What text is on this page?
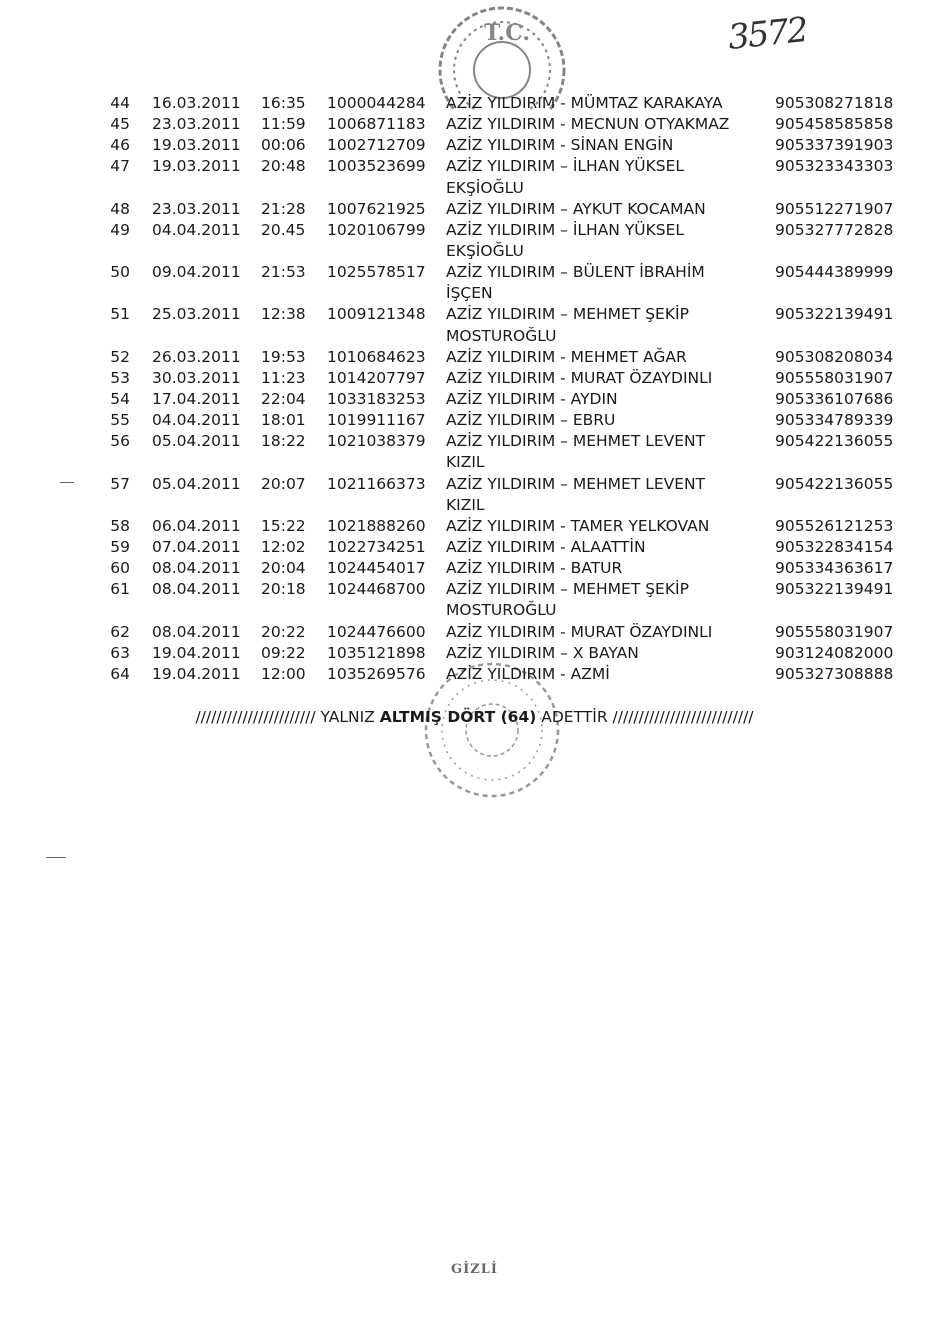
3572
T.C.
44 16.03.2011 16:35 1000044284 AZİZ YILDIRIM - MÜMTAZ KARAKAYA	905308271818
45 23.03.2011 11:59 1006871183 AZİZ YILDIRIM - MECNUN OTYAKMAZ	905458585858
46 19.03.2011 00:06 1002712709 AZİZ YILDIRIM - SİNAN ENGİN	905337391903
47 19.03.2011 20:48 1003523699 AZİZ YILDIRIM – İLHAN YÜKSEL	905323343303
EKŞİOĞLU
48 23.03.2011 21:28 1007621925 AZİZ YILDIRIM – AYKUT KOCAMAN	905512271907
49 04.04.2011 20.45 1020106799 AZİZ YILDIRIM – İLHAN YÜKSEL	905327772828
EKŞİOĞLU
50 09.04.2011 21:53 1025578517 AZİZ YILDIRIM – BÜLENT İBRAHİM	905444389999
İŞÇEN
51 25.03.2011 12:38 1009121348 AZİZ YILDIRIM – MEHMET ŞEKİP	905322139491
MOSTUROĞLU
52 26.03.2011 19:53 1010684623 AZİZ YILDIRIM - MEHMET AĞAR	905308208034
53 30.03.2011 11:23 1014207797 AZİZ YILDIRIM - MURAT ÖZAYDINLI	905558031907
54 17.04.2011 22:04 1033183253 AZİZ YILDIRIM - AYDIN	905336107686
55 04.04.2011 18:01 1019911167 AZİZ YILDIRIM – EBRU	905334789339
56 05.04.2011 18:22 1021038379 AZİZ YILDIRIM – MEHMET LEVENT	905422136055
KIZIL
57 05.04.2011 20:07 1021166373 AZİZ YILDIRIM – MEHMET LEVENT	905422136055
KIZIL
58 06.04.2011 15:22 1021888260 AZİZ YILDIRIM - TAMER YELKOVAN	905526121253
59 07.04.2011 12:02 1022734251 AZİZ YILDIRIM - ALAATTİN	905322834154
60 08.04.2011 20:04 1024454017 AZİZ YILDIRIM - BATUR	905334363617
61 08.04.2011 20:18 1024468700 AZİZ YILDIRIM – MEHMET ŞEKİP	905322139491
MOSTUROĞLU
62 08.04.2011 20:22 1024476600 AZİZ YILDIRIM - MURAT ÖZAYDINLI	905558031907
63 19.04.2011 09:22 1035121898 AZİZ YILDIRIM – X BAYAN	903124082000
64 19.04.2011 12:00 1035269576 AZİZ YILDIRIM - AZMİ	905327308888
/////////////////////// YALNIZ ALTMIŞ DÖRT (64) ADETTİR ///////////////////////////
GİZLİ
